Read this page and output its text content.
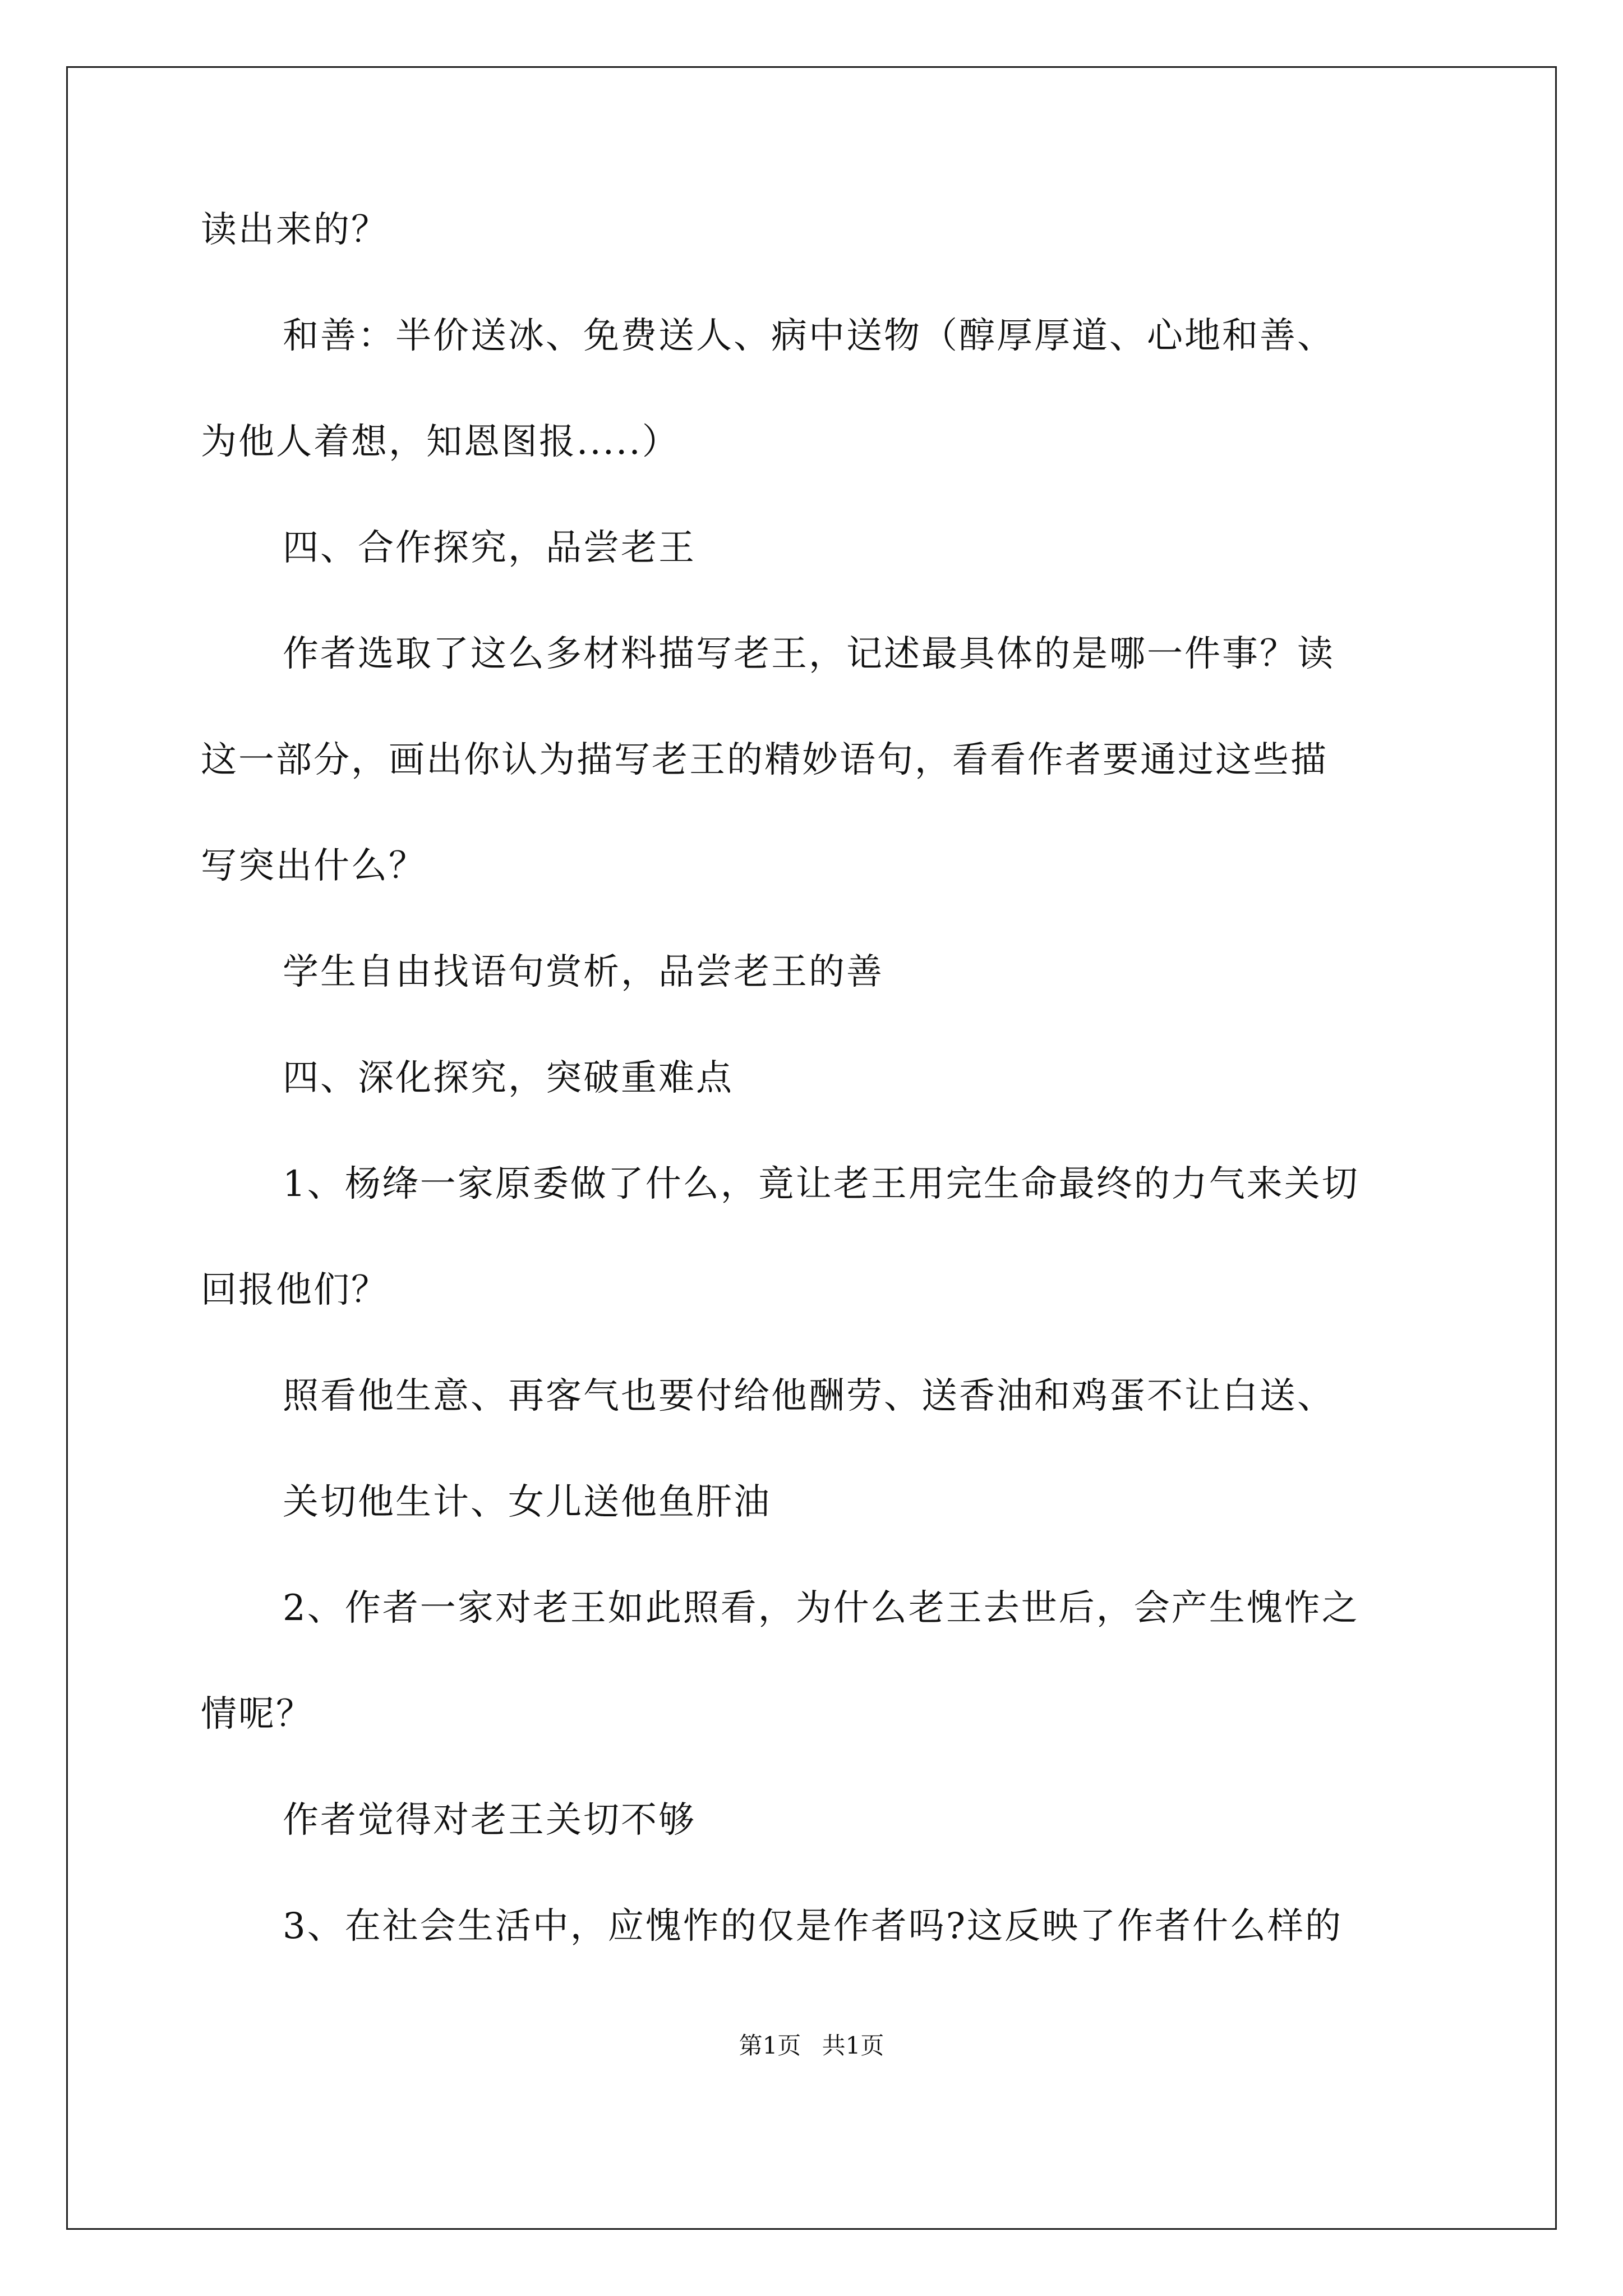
读出来的？
和善：半价送冰、免费送人、病中送物（醇厚厚道、心地和善、
为他人着想，知恩图报.....）
四、合作探究，品尝老王
作者选取了这么多材料描写老王，记述最具体的是哪一件事？读
这一部分，画出你认为描写老王的精妙语句，看看作者要通过这些描
写突出什么？
学生自由找语句赏析，品尝老王的善
四、深化探究，突破重难点
1、杨绛一家原委做了什么，竟让老王用完生命最终的力气来关切
回报他们？
照看他生意、再客气也要付给他酬劳、送香油和鸡蛋不让白送、
关切他生计、女儿送他鱼肝油
2、作者一家对老王如此照看，为什么老王去世后，会产生愧怍之
情呢？
作者觉得对老王关切不够
3、在社会生活中，应愧怍的仅是作者吗?这反映了作者什么样的
第1页 共1页
